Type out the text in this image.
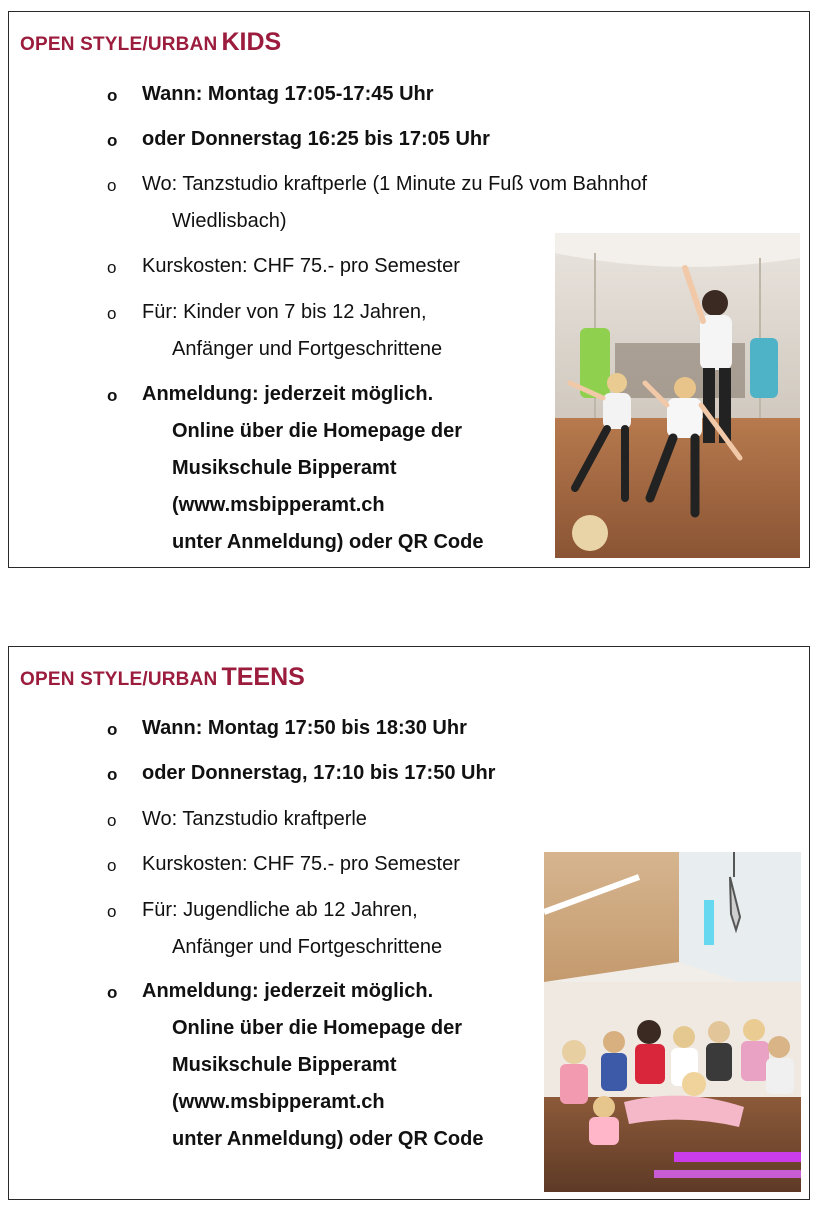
OPEN STYLE/URBAN KIDS
o Wann: Montag 17:05-17:45 Uhr
o oder Donnerstag 16:25 bis 17:05 Uhr
o Wo: Tanzstudio kraftperle (1 Minute zu Fuß vom Bahnhof
Wiedlisbach)
o Kurskosten: CHF 75.- pro Semester
o Für: Kinder von 7 bis 12 Jahren,
Anfänger und Fortgeschrittene
o Anmeldung: jederzeit möglich.
Online über die Homepage der
Musikschule Bipperamt
(www.msbipperamt.ch
unter Anmeldung) oder QR Code
OPEN STYLE/URBAN TEENS
o Wann: Montag 17:50 bis 18:30 Uhr
o oder Donnerstag, 17:10 bis 17:50 Uhr
o Wo: Tanzstudio kraftperle
o Kurskosten: CHF 75.- pro Semester
o Für: Jugendliche ab 12 Jahren,
Anfänger und Fortgeschrittene
o Anmeldung: jederzeit möglich.
Online über die Homepage der
Musikschule Bipperamt
(www.msbipperamt.ch
unter Anmeldung) oder QR Code
